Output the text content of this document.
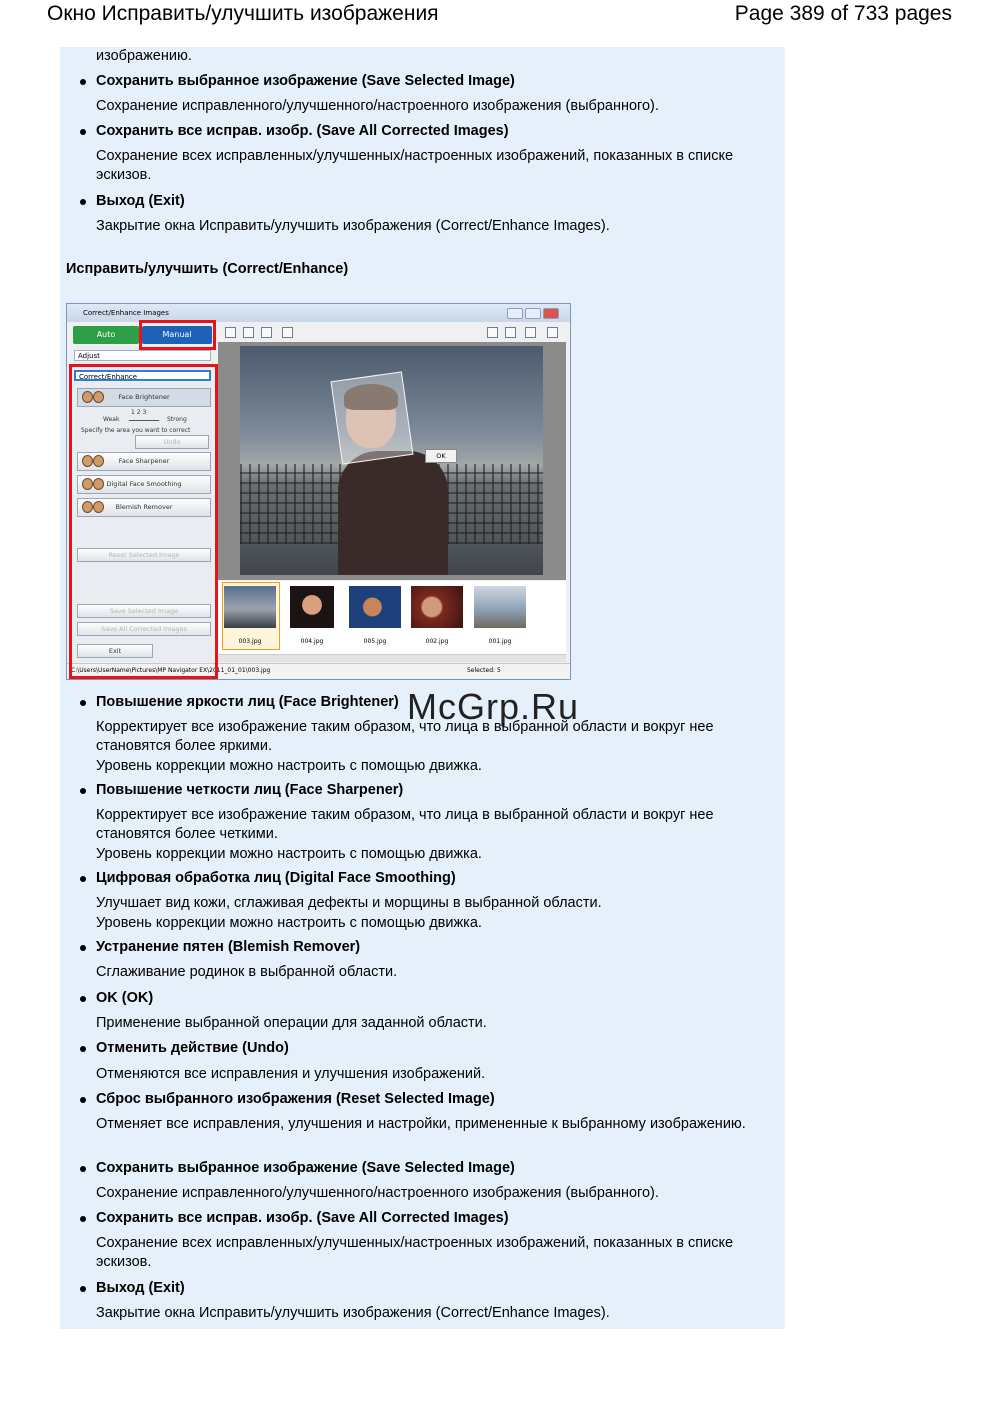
Окно Исправить/улучшить изображения	Page 389 of 733 pages
изображению.
Сохранить выбранное изображение (Save Selected Image)
Сохранение исправленного/улучшенного/настроенного изображения (выбранного).
Сохранить все исправ. изобр. (Save All Corrected Images)
Сохранение всех исправленных/улучшенных/настроенных изображений, показанных в списке эскизов.
Выход (Exit)
Закрытие окна Исправить/улучшить изображения (Correct/Enhance Images).
Исправить/улучшить (Correct/Enhance)
Correct/Enhance Images
Auto	Manual
Adjust
Correct/Enhance
Face Brightener
Weak
1 2 3
Strong
Specify the area you want to correct
Undo
Face Sharpener
Digital Face Smoothing
Blemish Remover
Reset Selected Image
Save Selected Image
Save All Corrected Images
Exit
OK
003.jpg	004.jpg	005.jpg	002.jpg	001.jpg
C:\Users\UserName\Pictures\MP Navigator EX\2011_01_01\003.jpg	Selected: 5
McGrp.Ru
Повышение яркости лиц (Face Brightener)
Корректирует все изображение таким образом, что лица в выбранной области и вокруг нее становятся более яркими.
Уровень коррекции можно настроить с помощью движка.
Повышение четкости лиц (Face Sharpener)
Корректирует все изображение таким образом, что лица в выбранной области и вокруг нее становятся более четкими.
Уровень коррекции можно настроить с помощью движка.
Цифровая обработка лиц (Digital Face Smoothing)
Улучшает вид кожи, сглаживая дефекты и морщины в выбранной области.
Уровень коррекции можно настроить с помощью движка.
Устранение пятен (Blemish Remover)
Сглаживание родинок в выбранной области.
OK (OK)
Применение выбранной операции для заданной области.
Отменить действие (Undo)
Отменяются все исправления и улучшения изображений.
Сброс выбранного изображения (Reset Selected Image)
Отменяет все исправления, улучшения и настройки, примененные к выбранному изображению.
Сохранить выбранное изображение (Save Selected Image)
Сохранение исправленного/улучшенного/настроенного изображения (выбранного).
Сохранить все исправ. изобр. (Save All Corrected Images)
Сохранение всех исправленных/улучшенных/настроенных изображений, показанных в списке эскизов.
Выход (Exit)
Закрытие окна Исправить/улучшить изображения (Correct/Enhance Images).
